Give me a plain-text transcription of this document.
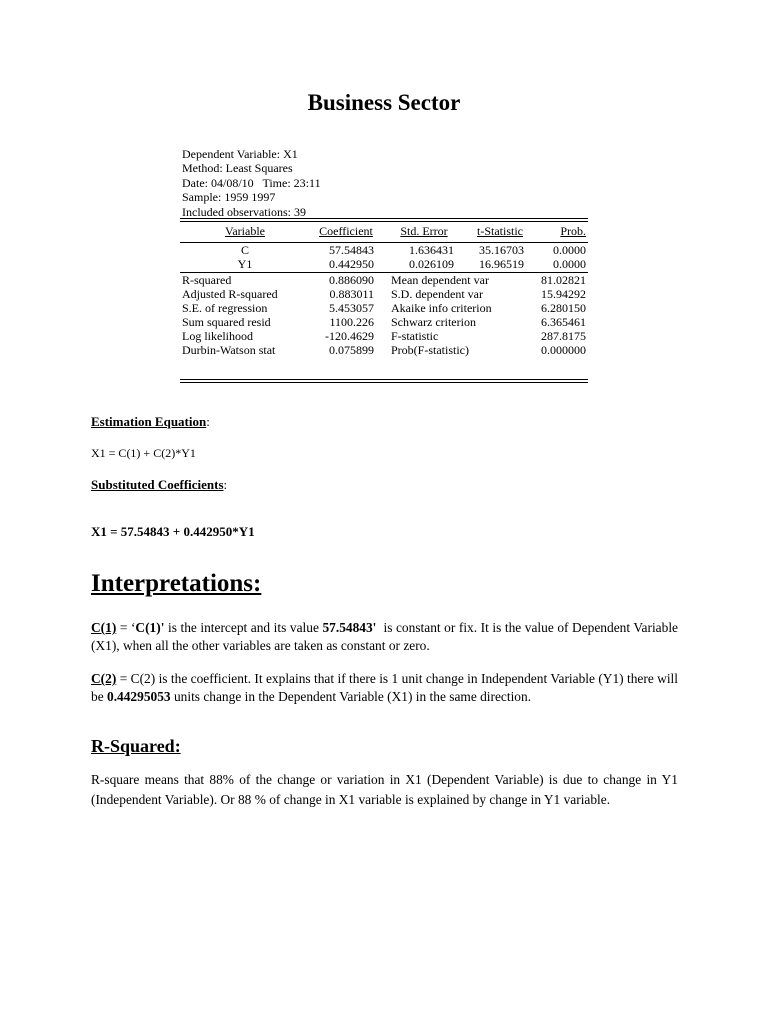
Business Sector
Dependent Variable: X1
Method: Least Squares
Date: 04/08/10   Time: 23:11
Sample: 1959 1997
Included observations: 39
Variable	Coefficient	Std. Error	t-Statistic	Prob.
C	57.54843	1.636431 35.16703 0.0000
Y1	0.442950	0.026109 16.96519 0.0000
R-squared	0.886090 Mean dependent var	81.02821
Adjusted R-squared	0.883011 S.D. dependent var	15.94292
S.E. of regression	5.453057 Akaike info criterion	6.280150
Sum squared resid	1100.226 Schwarz criterion	6.365461
Log likelihood	-120.4629 F-statistic	287.8175
Durbin-Watson stat	0.075899 Prob(F-statistic)	0.000000
Estimation Equation:
X1 = C(1) + C(2)*Y1
Substituted Coefficients:
X1 = 57.54843 + 0.442950*Y1
Interpretations:
C(1) = ‘C(1)' is the intercept and its value 57.54843'  is constant or fix. It is the value of Dependent Variable (X1), when all the other variables are taken as constant or zero.
C(2) = C(2) is the coefficient. It explains that if there is 1 unit change in Independent Variable (Y1) there will be 0.44295053 units change in the Dependent Variable (X1) in the same direction.
R-Squared:
R-square means that 88% of the change or variation in X1 (Dependent Variable) is due to change in Y1 (Independent Variable). Or 88 % of change in X1 variable is explained by change in Y1 variable.
